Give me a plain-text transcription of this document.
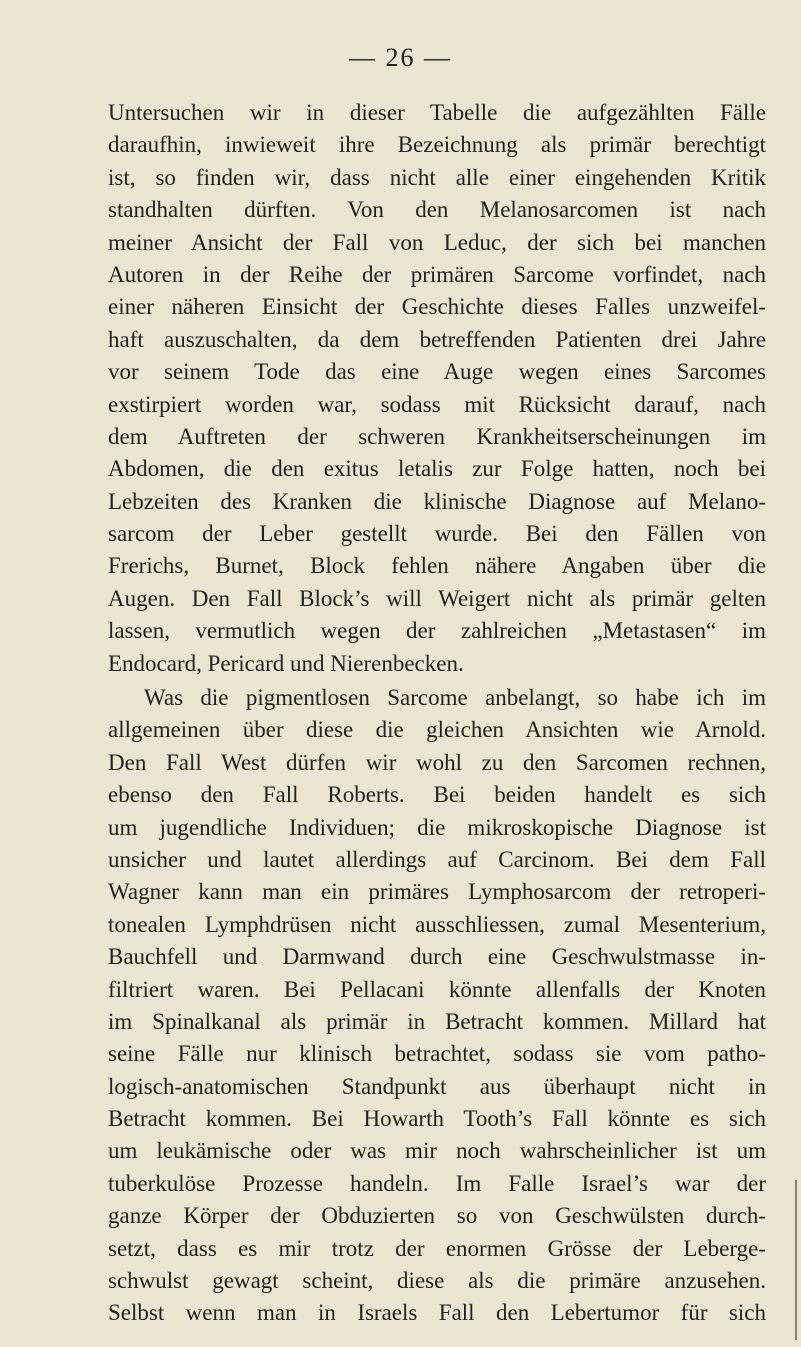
— 26 —
Untersuchen wir in dieser Tabelle die aufgezählten Fälle
daraufhin, inwieweit ihre Bezeichnung als primär berechtigt
ist, so finden wir, dass nicht alle einer eingehenden Kritik
standhalten dürften. Von den Melanosarcomen ist nach
meiner Ansicht der Fall von Leduc, der sich bei manchen
Autoren in der Reihe der primären Sarcome vorfindet, nach
einer näheren Einsicht der Geschichte dieses Falles unzweifel-
haft auszuschalten, da dem betreffenden Patienten drei Jahre
vor seinem Tode das eine Auge wegen eines Sarcomes
exstirpiert worden war, sodass mit Rücksicht darauf, nach
dem Auftreten der schweren Krankheitserscheinungen im
Abdomen, die den exitus letalis zur Folge hatten, noch bei
Lebzeiten des Kranken die klinische Diagnose auf Melano-
sarcom der Leber gestellt wurde. Bei den Fällen von
Frerichs, Burnet, Block fehlen nähere Angaben über die
Augen. Den Fall Block’s will Weigert nicht als primär gelten
lassen, vermutlich wegen der zahlreichen „Metastasen“ im
Endocard, Pericard und Nierenbecken.
Was die pigmentlosen Sarcome anbelangt, so habe ich im
allgemeinen über diese die gleichen Ansichten wie Arnold.
Den Fall West dürfen wir wohl zu den Sarcomen rechnen,
ebenso den Fall Roberts. Bei beiden handelt es sich
um jugendliche Individuen; die mikroskopische Diagnose ist
unsicher und lautet allerdings auf Carcinom. Bei dem Fall
Wagner kann man ein primäres Lymphosarcom der retroperi-
tonealen Lymphdrüsen nicht ausschliessen, zumal Mesenterium,
Bauchfell und Darmwand durch eine Geschwulstmasse in-
filtriert waren. Bei Pellacani könnte allenfalls der Knoten
im Spinalkanal als primär in Betracht kommen. Millard hat
seine Fälle nur klinisch betrachtet, sodass sie vom patho-
logisch-anatomischen Standpunkt aus überhaupt nicht in
Betracht kommen. Bei Howarth Tooth’s Fall könnte es sich
um leukämische oder was mir noch wahrscheinlicher ist um
tuberkulöse Prozesse handeln. Im Falle Israel’s war der
ganze Körper der Obduzierten so von Geschwülsten durch-
setzt, dass es mir trotz der enormen Grösse der Leberge-
schwulst gewagt scheint, diese als die primäre anzusehen.
Selbst wenn man in Israels Fall den Lebertumor für sich
